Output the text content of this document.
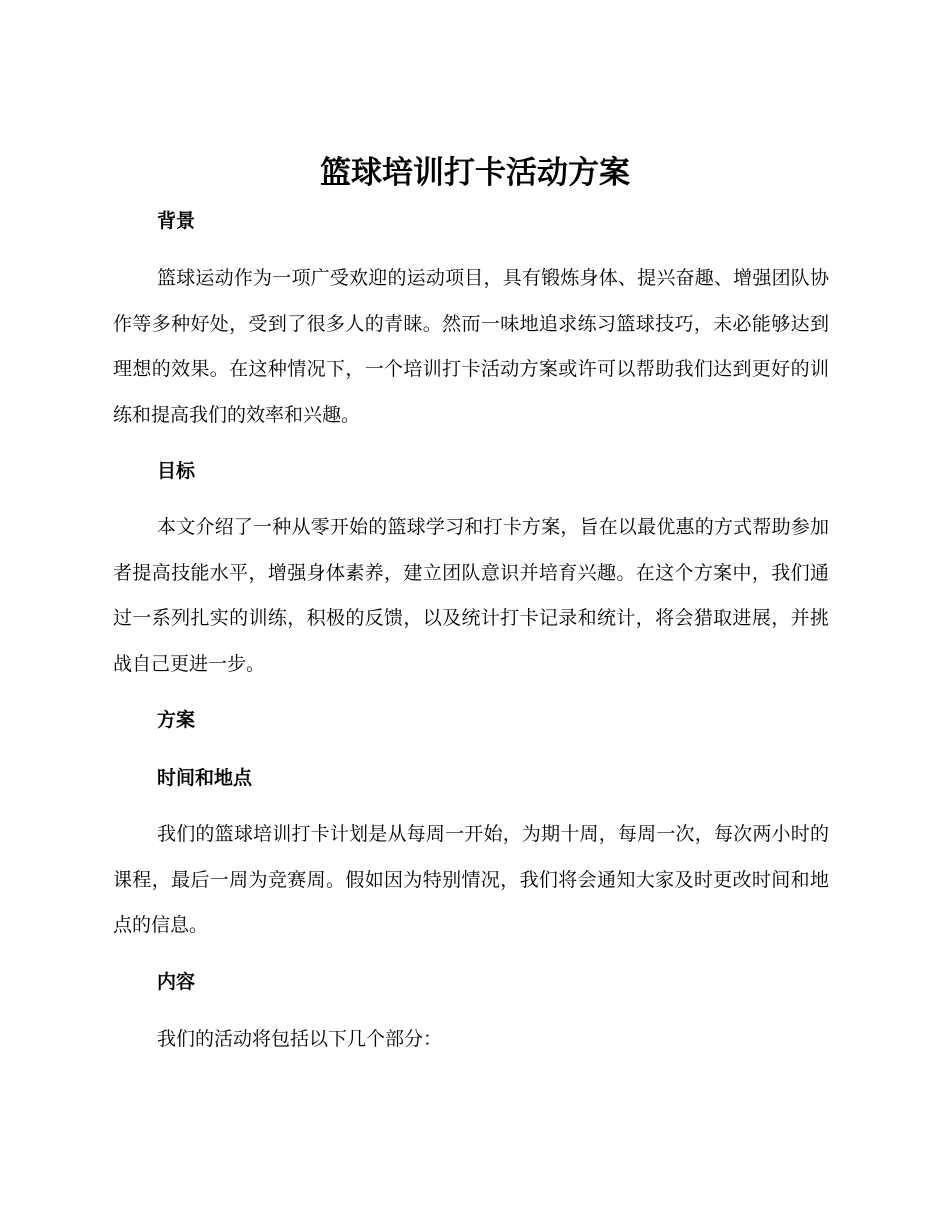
篮球培训打卡活动方案
背景

篮球运动作为一项广受欢迎的运动项目，具有锻炼身体、提兴奋趣、增强团队协作等多种好处，受到了很多人的青睐。然而一味地追求练习篮球技巧，未必能够达到理想的效果。在这种情况下，一个培训打卡活动方案或许可以帮助我们达到更好的训练和提高我们的效率和兴趣。

目标

本文介绍了一种从零开始的篮球学习和打卡方案，旨在以最优惠的方式帮助参加者提高技能水平，增强身体素养，建立团队意识并培育兴趣。在这个方案中，我们通过一系列扎实的训练，积极的反馈，以及统计打卡记录和统计，将会猎取进展，并挑战自己更进一步。

方案
时间和地点

我们的篮球培训打卡计划是从每周一开始，为期十周，每周一次，每次两小时的课程，最后一周为竞赛周。假如因为特别情况，我们将会通知大家及时更改时间和地点的信息。

内容

我们的活动将包括以下几个部分：
